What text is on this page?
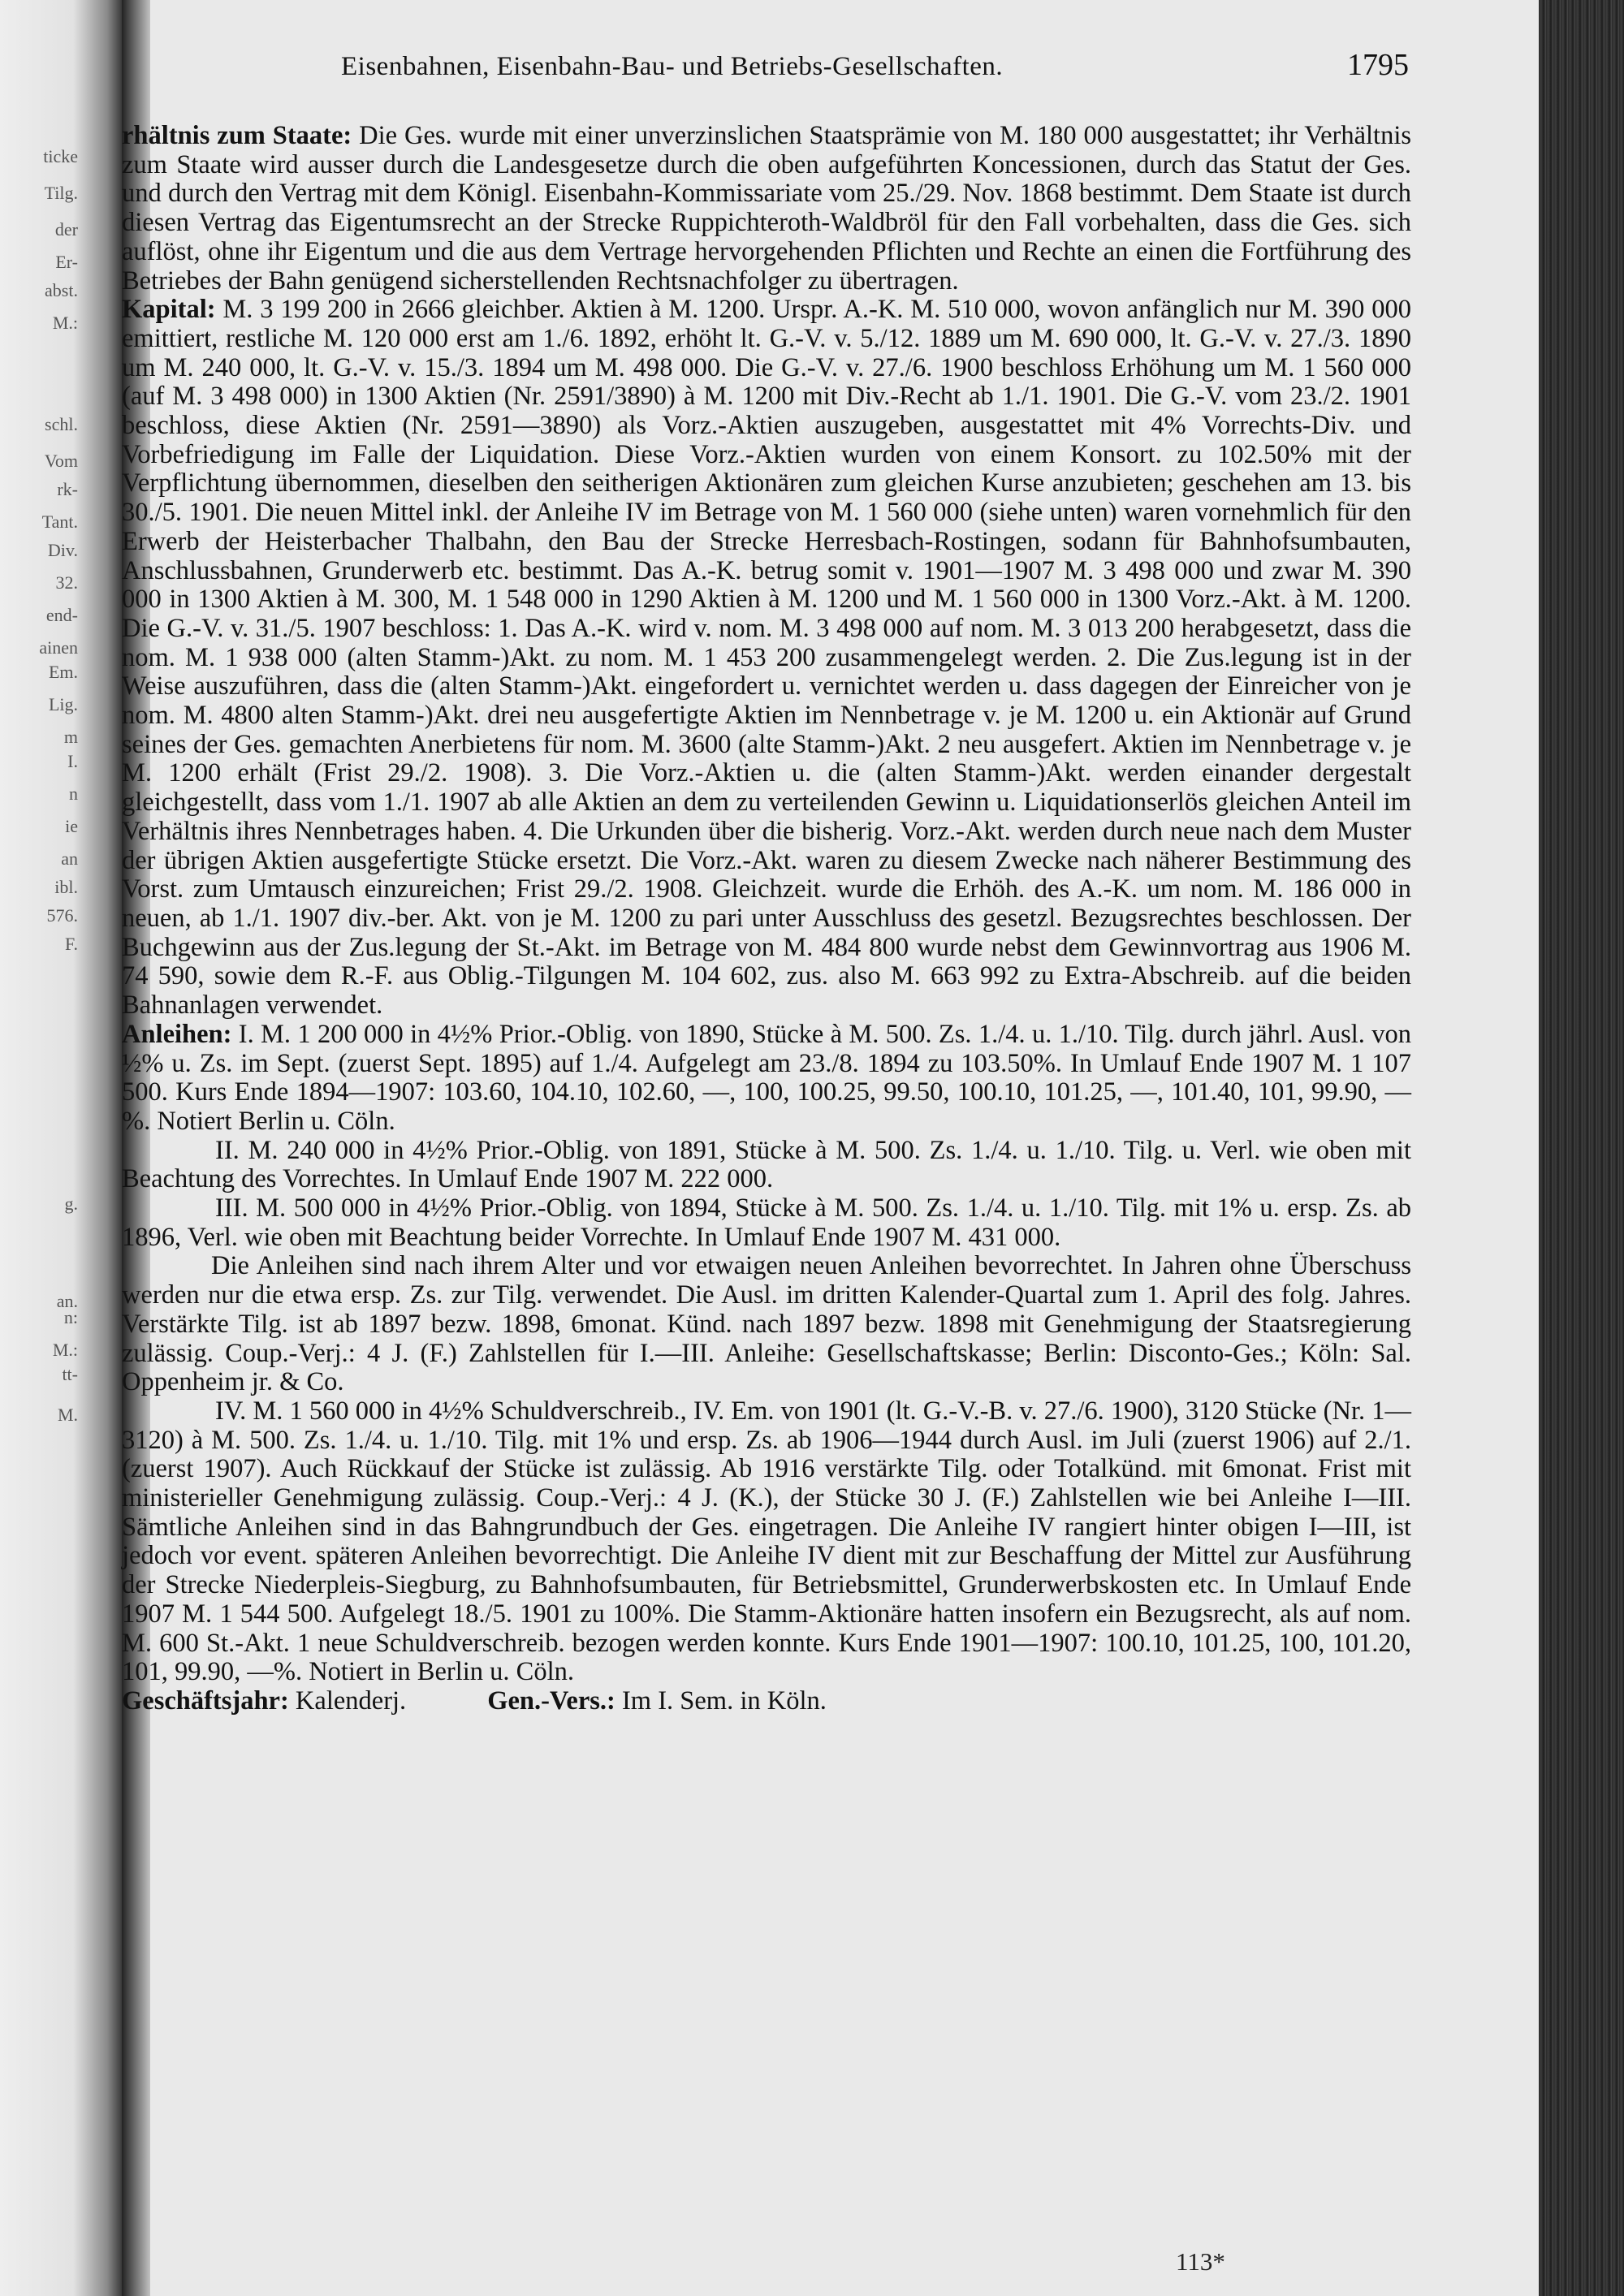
ticke
Tilg.
der
Er-
abst.
M.:
schl.
Vom
rk-
Tant.
Div.
32.
end-
ainen
Em.
Lig.
m
I.
n
ie
an
ibl.
576.
F.
g.
an.
n:
M.:
tt-
M.
Eisenbahnen, Eisenbahn-Bau- und Betriebs-Gesellschaften.	1795

rhältnis zum Staate: Die Ges. wurde mit einer unverzinslichen Staatsprämie von M. 180 000 ausgestattet; ihr Verhältnis zum Staate wird ausser durch die Landesgesetze durch die oben aufgeführten Koncessionen, durch das Statut der Ges. und durch den Vertrag mit dem Königl. Eisenbahn-Kommissariate vom 25./29. Nov. 1868 bestimmt. Dem Staate ist durch diesen Vertrag das Eigentumsrecht an der Strecke Ruppichteroth-Waldbröl für den Fall vorbehalten, dass die Ges. sich auflöst, ohne ihr Eigentum und die aus dem Vertrage hervorgehenden Pflichten und Rechte an einen die Fortführung des Betriebes der Bahn genügend sicherstellenden Rechtsnachfolger zu übertragen.

Kapital: M. 3 199 200 in 2666 gleichber. Aktien à M. 1200. Urspr. A.-K. M. 510 000, wovon anfänglich nur M. 390 000 emittiert, restliche M. 120 000 erst am 1./6. 1892, erhöht lt. G.-V. v. 5./12. 1889 um M. 690 000, lt. G.-V. v. 27./3. 1890 um M. 240 000, lt. G.-V. v. 15./3. 1894 um M. 498 000. Die G.-V. v. 27./6. 1900 beschloss Erhöhung um M. 1 560 000 (auf M. 3 498 000) in 1300 Aktien (Nr. 2591/3890) à M. 1200 mit Div.-Recht ab 1./1. 1901. Die G.-V. vom 23./2. 1901 beschloss, diese Aktien (Nr. 2591—3890) als Vorz.-Aktien auszugeben, ausgestattet mit 4% Vorrechts-Div. und Vorbefriedigung im Falle der Liquidation. Diese Vorz.-Aktien wurden von einem Konsort. zu 102.50% mit der Verpflichtung übernommen, dieselben den seitherigen Aktionären zum gleichen Kurse anzubieten; geschehen am 13. bis 30./5. 1901. Die neuen Mittel inkl. der Anleihe IV im Betrage von M. 1 560 000 (siehe unten) waren vornehmlich für den Erwerb der Heisterbacher Thalbahn, den Bau der Strecke Herresbach-Rostingen, sodann für Bahnhofsumbauten, Anschlussbahnen, Grunderwerb etc. bestimmt. Das A.-K. betrug somit v. 1901—1907 M. 3 498 000 und zwar M. 390 000 in 1300 Aktien à M. 300, M. 1 548 000 in 1290 Aktien à M. 1200 und M. 1 560 000 in 1300 Vorz.-Akt. à M. 1200. Die G.-V. v. 31./5. 1907 beschloss: 1. Das A.-K. wird v. nom. M. 3 498 000 auf nom. M. 3 013 200 herabgesetzt, dass die nom. M. 1 938 000 (alten Stamm-)Akt. zu nom. M. 1 453 200 zusammengelegt werden. 2. Die Zus.legung ist in der Weise auszuführen, dass die (alten Stamm-)Akt. eingefordert u. vernichtet werden u. dass dagegen der Einreicher von je nom. M. 4800 alten Stamm-)Akt. drei neu ausgefertigte Aktien im Nennbetrage v. je M. 1200 u. ein Aktionär auf Grund seines der Ges. gemachten Anerbietens für nom. M. 3600 (alte Stamm-)Akt. 2 neu ausgefert. Aktien im Nennbetrage v. je M. 1200 erhält (Frist 29./2. 1908). 3. Die Vorz.-Aktien u. die (alten Stamm-)Akt. werden einander dergestalt gleichgestellt, dass vom 1./1. 1907 ab alle Aktien an dem zu verteilenden Gewinn u. Liquidationserlös gleichen Anteil im Verhältnis ihres Nennbetrages haben. 4. Die Urkunden über die bisherig. Vorz.-Akt. werden durch neue nach dem Muster der übrigen Aktien ausgefertigte Stücke ersetzt. Die Vorz.-Akt. waren zu diesem Zwecke nach näherer Bestimmung des Vorst. zum Umtausch einzureichen; Frist 29./2. 1908. Gleichzeit. wurde die Erhöh. des A.-K. um nom. M. 186 000 in neuen, ab 1./1. 1907 div.-ber. Akt. von je M. 1200 zu pari unter Ausschluss des gesetzl. Bezugsrechtes beschlossen. Der Buchgewinn aus der Zus.legung der St.-Akt. im Betrage von M. 484 800 wurde nebst dem Gewinnvortrag aus 1906 M. 74 590, sowie dem R.-F. aus Oblig.-Tilgungen M. 104 602, zus. also M. 663 992 zu Extra-Abschreib. auf die beiden Bahnanlagen verwendet.

Anleihen: I. M. 1 200 000 in 4½% Prior.-Oblig. von 1890, Stücke à M. 500. Zs. 1./4. u. 1./10. Tilg. durch jährl. Ausl. von ½% u. Zs. im Sept. (zuerst Sept. 1895) auf 1./4. Aufgelegt am 23./8. 1894 zu 103.50%. In Umlauf Ende 1907 M. 1 107 500. Kurs Ende 1894—1907: 103.60, 104.10, 102.60, —, 100, 100.25, 99.50, 100.10, 101.25, —, 101.40, 101, 99.90, —%. Notiert Berlin u. Cöln.

II. M. 240 000 in 4½% Prior.-Oblig. von 1891, Stücke à M. 500. Zs. 1./4. u. 1./10. Tilg. u. Verl. wie oben mit Beachtung des Vorrechtes. In Umlauf Ende 1907 M. 222 000.

III. M. 500 000 in 4½% Prior.-Oblig. von 1894, Stücke à M. 500. Zs. 1./4. u. 1./10. Tilg. mit 1% u. ersp. Zs. ab 1896, Verl. wie oben mit Beachtung beider Vorrechte. In Umlauf Ende 1907 M. 431 000.

Die Anleihen sind nach ihrem Alter und vor etwaigen neuen Anleihen bevorrechtet. In Jahren ohne Überschuss werden nur die etwa ersp. Zs. zur Tilg. verwendet. Die Ausl. im dritten Kalender-Quartal zum 1. April des folg. Jahres. Verstärkte Tilg. ist ab 1897 bezw. 1898, 6monat. Künd. nach 1897 bezw. 1898 mit Genehmigung der Staatsregierung zulässig. Coup.-Verj.: 4 J. (F.) Zahlstellen für I.—III. Anleihe: Gesellschaftskasse; Berlin: Disconto-Ges.; Köln: Sal. Oppenheim jr. & Co.

IV. M. 1 560 000 in 4½% Schuldverschreib., IV. Em. von 1901 (lt. G.-V.-B. v. 27./6. 1900), 3120 Stücke (Nr. 1—3120) à M. 500. Zs. 1./4. u. 1./10. Tilg. mit 1% und ersp. Zs. ab 1906—1944 durch Ausl. im Juli (zuerst 1906) auf 2./1. (zuerst 1907). Auch Rückkauf der Stücke ist zulässig. Ab 1916 verstärkte Tilg. oder Totalkünd. mit 6monat. Frist mit ministerieller Genehmigung zulässig. Coup.-Verj.: 4 J. (K.), der Stücke 30 J. (F.) Zahlstellen wie bei Anleihe I—III. Sämtliche Anleihen sind in das Bahngrundbuch der Ges. eingetragen. Die Anleihe IV rangiert hinter obigen I—III, ist jedoch vor event. späteren Anleihen bevorrechtigt. Die Anleihe IV dient mit zur Beschaffung der Mittel zur Ausführung der Strecke Niederpleis-Siegburg, zu Bahnhofsumbauten, für Betriebsmittel, Grunderwerbskosten etc. In Umlauf Ende 1907 M. 1 544 500. Aufgelegt 18./5. 1901 zu 100%. Die Stamm-Aktionäre hatten insofern ein Bezugsrecht, als auf nom. M. 600 St.-Akt. 1 neue Schuldverschreib. bezogen werden konnte. Kurs Ende 1901—1907: 100.10, 101.25, 100, 101.20, 101, 99.90, —%. Notiert in Berlin u. Cöln.

Geschäftsjahr: Kalenderj.	Gen.-Vers.: Im I. Sem. in Köln.

113*
